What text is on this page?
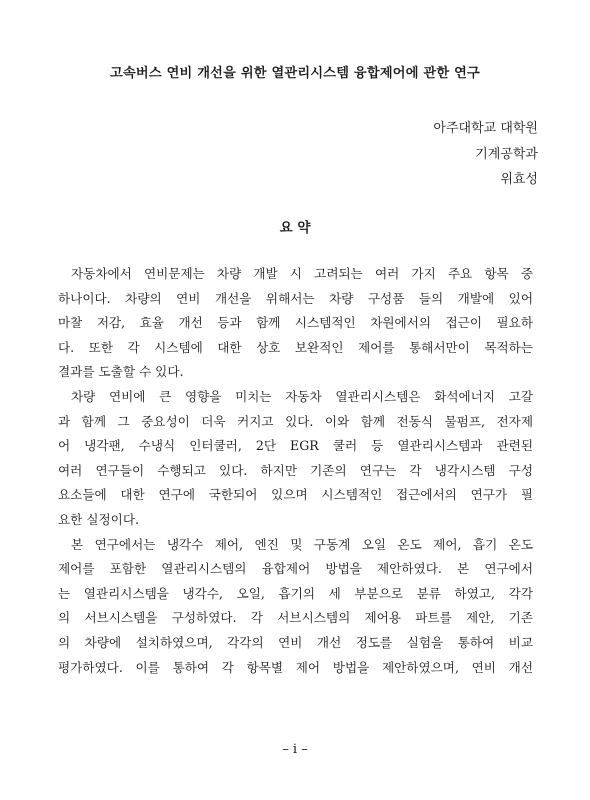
고속버스 연비 개선을 위한 열관리시스템 융합제어에 관한 연구
아주대학교 대학원
기계공학과
위효성
요 약
자동차에서 연비문제는 차량 개발 시 고려되는 여러 가지 주요 항목 중
하나이다. 차량의 연비 개선을 위해서는 차량 구성품 들의 개발에 있어
마찰 저감, 효율 개선 등과 함께 시스템적인 차원에서의 접근이 필요하
다. 또한 각 시스템에 대한 상호 보완적인 제어를 통해서만이 목적하는
결과를 도출할 수 있다.
차량 연비에 큰 영향을 미치는 자동차 열관리시스템은 화석에너지 고갈
과 함께 그 중요성이 더욱 커지고 있다. 이와 함께 전동식 물펌프, 전자제
어 냉각팬, 수냉식 인터쿨러, 2단 EGR 쿨러 등 열관리시스템과 관련된
여러 연구들이 수행되고 있다. 하지만 기존의 연구는 각 냉각시스템 구성
요소들에 대한 연구에 국한되어 있으며 시스템적인 접근에서의 연구가 필
요한 실정이다.
본 연구에서는 냉각수 제어, 엔진 및 구동계 오일 온도 제어, 흡기 온도
제어를 포함한 열관리시스템의 융합제어 방법을 제안하였다. 본 연구에서
는 열관리시스템을 냉각수, 오일, 흡기의 세 부분으로 분류 하였고, 각각
의 서브시스템을 구성하였다. 각 서브시스템의 제어용 파트를 제안, 기존
의 차량에 설치하였으며, 각각의 연비 개선 정도를 실험을 통하여 비교
평가하였다. 이를 통하여 각 항목별 제어 방법을 제안하였으며, 연비 개선
– i –
